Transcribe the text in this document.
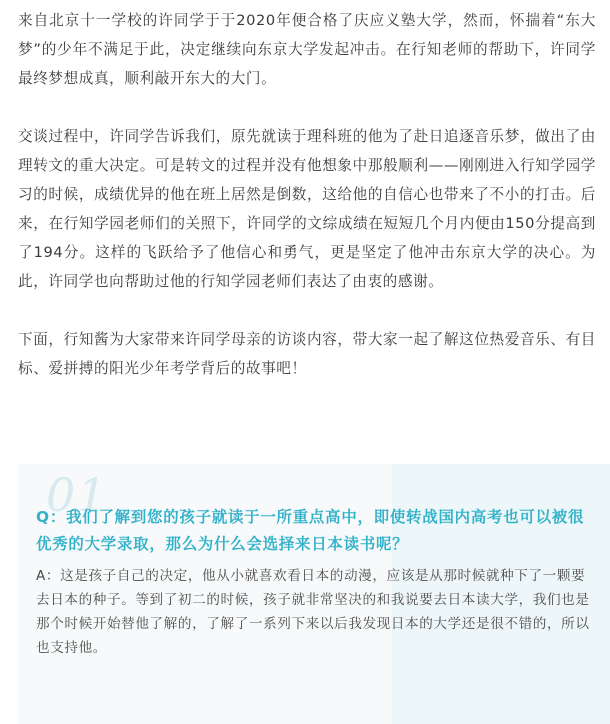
来自北京十一学校的许同学于于2020年便合格了庆应义塾大学，然而，怀揣着“东大梦”的少年不满足于此，决定继续向东京大学发起冲击。在行知老师的帮助下，许同学最终梦想成真，顺利敲开东大的大门。

交谈过程中，许同学告诉我们，原先就读于理科班的他为了赴日追逐音乐梦，做出了由理转文的重大决定。可是转文的过程并没有他想象中那般顺利——刚刚进入行知学园学习的时候，成绩优异的他在班上居然是倒数，这给他的自信心也带来了不小的打击。后来，在行知学园老师们的关照下，许同学的文综成绩在短短几个月内便由150分提高到了194分。这样的飞跃给予了他信心和勇气，更是坚定了他冲击东京大学的决心。为此，许同学也向帮助过他的行知学园老师们表达了由衷的感谢。

下面，行知酱为大家带来许同学母亲的访谈内容，带大家一起了解这位热爱音乐、有目标、爱拼搏的阳光少年考学背后的故事吧！

01

Q：我们了解到您的孩子就读于一所重点高中，即使转战国内高考也可以被很优秀的大学录取，那么为什么会选择来日本读书呢？

A：这是孩子自己的决定，他从小就喜欢看日本的动漫，应该是从那时候就种下了一颗要去日本的种子。等到了初二的时候，孩子就非常坚决的和我说要去日本读大学，我们也是那个时候开始替他了解的，了解了一系列下来以后我发现日本的大学还是很不错的，所以也支持他。
